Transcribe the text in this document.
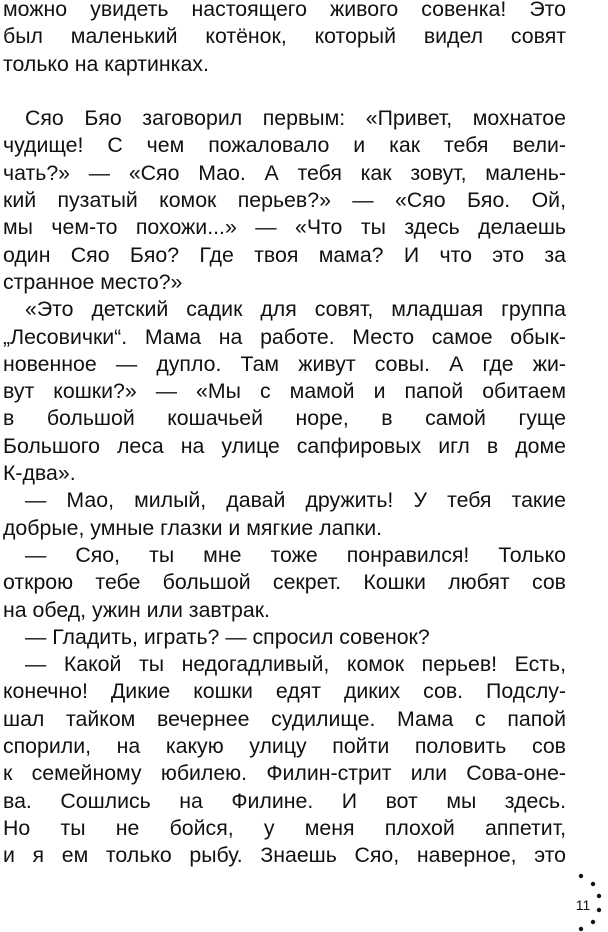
можно увидеть настоящего живого совенка! Это
был маленький котёнок, который видел совят
только на картинках.
Сяо Бяо заговорил первым: «Привет, мохнатое
чудище! С чем пожаловало и как тебя вели-
чать?» — «Сяо Мао. А тебя как зовут, малень-
кий пузатый комок перьев?» — «Сяо Бяо. Ой,
мы чем-то похожи...» — «Что ты здесь делаешь
один Сяо Бяо? Где твоя мама? И что это за
странное место?»
«Это детский садик для совят, младшая группа
„Лесовички“. Мама на работе. Место самое обык-
новенное — дупло. Там живут совы. А где жи-
вут кошки?» — «Мы с мамой и папой обитаем
в большой кошачьей норе, в самой гуще
Большого леса на улице сапфировых игл в доме
К-два».
— Мао, милый, давай дружить! У тебя такие
добрые, умные глазки и мягкие лапки.
— Сяо, ты мне тоже понравился! Только
открою тебе большой секрет. Кошки любят сов
на обед, ужин или завтрак.
— Гладить, играть? — спросил совенок?
— Какой ты недогадливый, комок перьев! Есть,
конечно! Дикие кошки едят диких сов. Подслу-
шал тайком вечернее судилище. Мама с папой
спорили, на какую улицу пойти половить сов
к семейному юбилею. Филин-стрит или Сова-оне-
ва. Сошлись на Филине. И вот мы здесь.
Но ты не бойся, у меня плохой аппетит,
и я ем только рыбу. Знаешь Сяо, наверное, это
11
